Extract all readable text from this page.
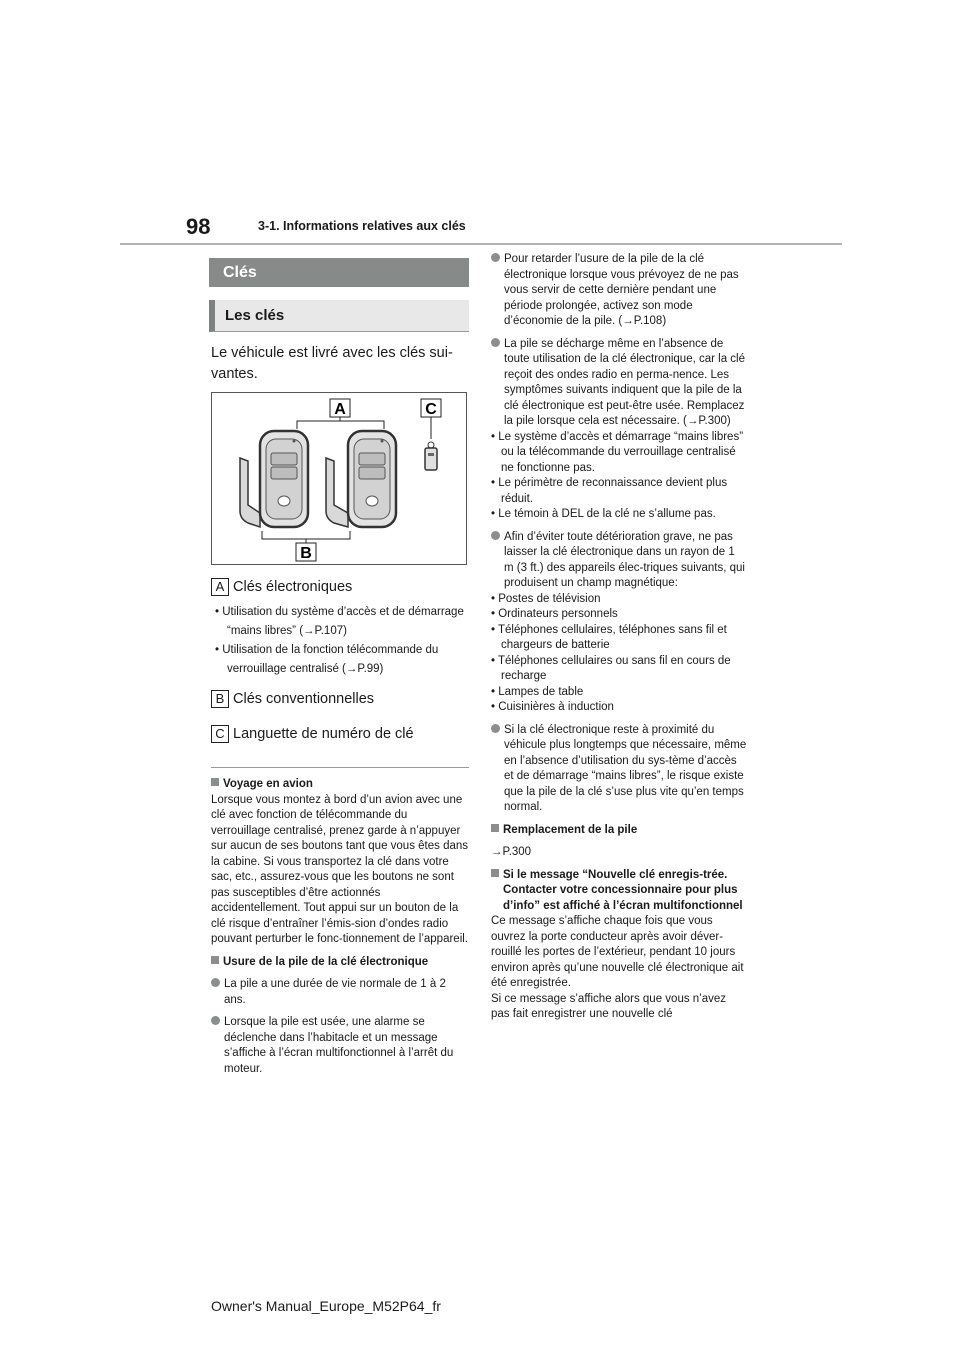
98	3-1. Informations relatives aux clés
Clés
Les clés
Le véhicule est livré avec les clés sui-vantes.
A
B
C
A Clés électroniques
• Utilisation du système d’accès et de démarrage “mains libres” (→P.107)
• Utilisation de la fonction télécommande du verrouillage centralisé (→P.99)
B Clés conventionnelles
C Languette de numéro de clé

Voyage en avion

Lorsque vous montez à bord d’un avion avec une clé avec fonction de télécommande du verrouillage centralisé, prenez garde à n’appuyer sur aucun de ses boutons tant que vous êtes dans la cabine. Si vous transportez la clé dans votre sac, etc., assurez-vous que les boutons ne sont pas susceptibles d’être actionnés accidentellement. Tout appui sur un bouton de la clé risque d’entraîner l’émis-sion d’ondes radio pouvant perturber le fonc-tionnement de l’appareil.

Usure de la pile de la clé électronique

La pile a une durée de vie normale de 1 à 2 ans.

Lorsque la pile est usée, une alarme se déclenche dans l’habitacle et un message s’affiche à l’écran multifonctionnel à l’arrêt du moteur.

Pour retarder l’usure de la pile de la clé électronique lorsque vous prévoyez de ne pas vous servir de cette dernière pendant une période prolongée, activez son mode d’économie de la pile. (→P.108)

La pile se décharge même en l’absence de toute utilisation de la clé électronique, car la clé reçoit des ondes radio en perma-nence. Les symptômes suivants indiquent que la pile de la clé électronique est peut-être usée. Remplacez la pile lorsque cela est nécessaire. (→P.300)

• Le système d’accès et démarrage “mains libres” ou la télécommande du verrouillage centralisé ne fonctionne pas.
• Le périmètre de reconnaissance devient plus réduit.
• Le témoin à DEL de la clé ne s’allume pas.

Afin d’éviter toute détérioration grave, ne pas laisser la clé électronique dans un rayon de 1 m (3 ft.) des appareils élec-triques suivants, qui produisent un champ magnétique:

• Postes de télévision
• Ordinateurs personnels
• Téléphones cellulaires, téléphones sans fil et chargeurs de batterie
• Téléphones cellulaires ou sans fil en cours de recharge
• Lampes de table
• Cuisinières à induction

Si la clé électronique reste à proximité du véhicule plus longtemps que nécessaire, même en l’absence d’utilisation du sys-tème d’accès et de démarrage “mains libres”, le risque existe que la pile de la clé s’use plus vite qu’en temps normal.

Remplacement de la pile

→P.300

Si le message “Nouvelle clé enregis-trée. Contacter votre concessionnaire pour plus d’info” est affiché à l’écran multifonctionnel

Ce message s’affiche chaque fois que vous ouvrez la porte conducteur après avoir déver-rouillé les portes de l’extérieur, pendant 10 jours environ après qu’une nouvelle clé électronique ait été enregistrée.

Si ce message s’affiche alors que vous n’avez pas fait enregistrer une nouvelle clé

Owner's Manual_Europe_M52P64_fr
